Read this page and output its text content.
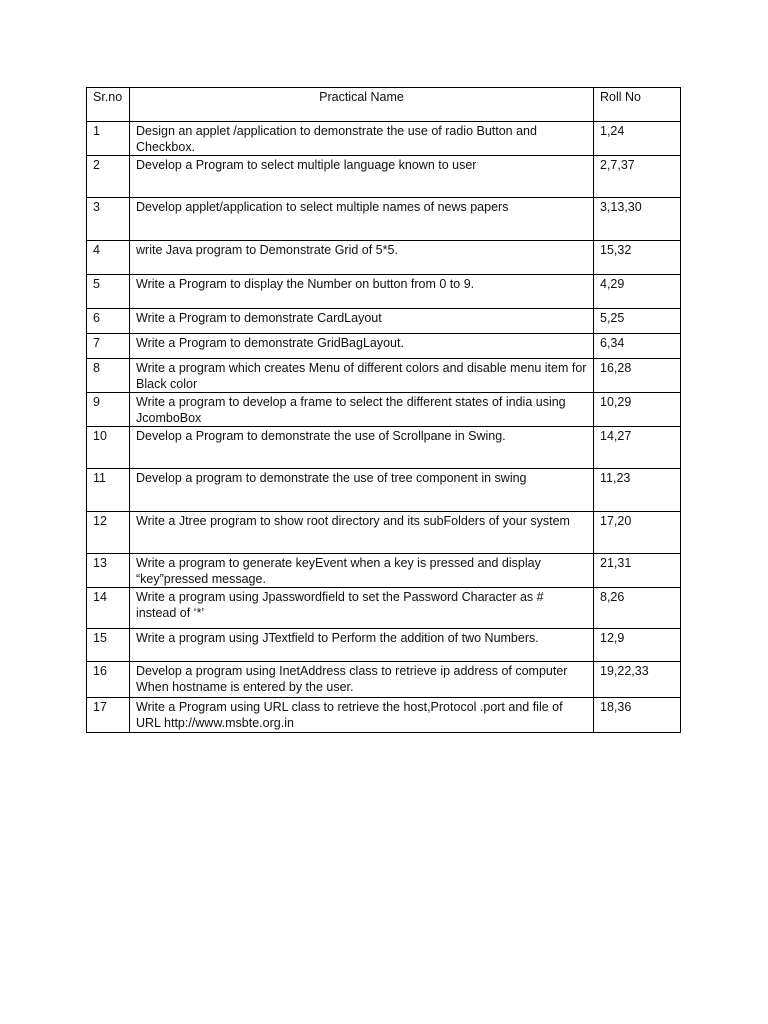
Sr.no	Practical Name	Roll No
1	Design an applet /application to demonstrate the use of radio Button and Checkbox.	1,24
2	Develop a Program to select multiple language known to user	2,7,37
3	Develop applet/application to select multiple names of news papers	3,13,30
4	write Java program to Demonstrate Grid of 5*5.	15,32
5	Write a Program to display the Number on button from 0 to 9.	4,29
6	Write a Program to demonstrate CardLayout	5,25
7	Write a Program to demonstrate GridBagLayout.	6,34
8	Write a program which creates Menu of different colors and disable menu item for Black color	16,28
9	Write a program to develop a frame to select the different states of india using JcomboBox	10,29
10	Develop a Program to demonstrate the use of Scrollpane in Swing.	14,27
11	Develop a program to demonstrate the use of tree component in swing	11,23
12	Write a Jtree program to show root directory and its subFolders of your system	17,20
13	Write a program to generate keyEvent when a key is pressed and display “key”pressed message.	21,31
14	Write a program using Jpasswordfield to set the Password Character as # instead of ‘*’	8,26
15	Write a program using JTextfield to Perform the addition of two Numbers.	12,9
16	Develop a program using InetAddress class to retrieve ip address of computer When hostname is entered by the user.	19,22,33
17	Write a Program using URL class to retrieve the host,Protocol .port and file of URL http://www.msbte.org.in	18,36
